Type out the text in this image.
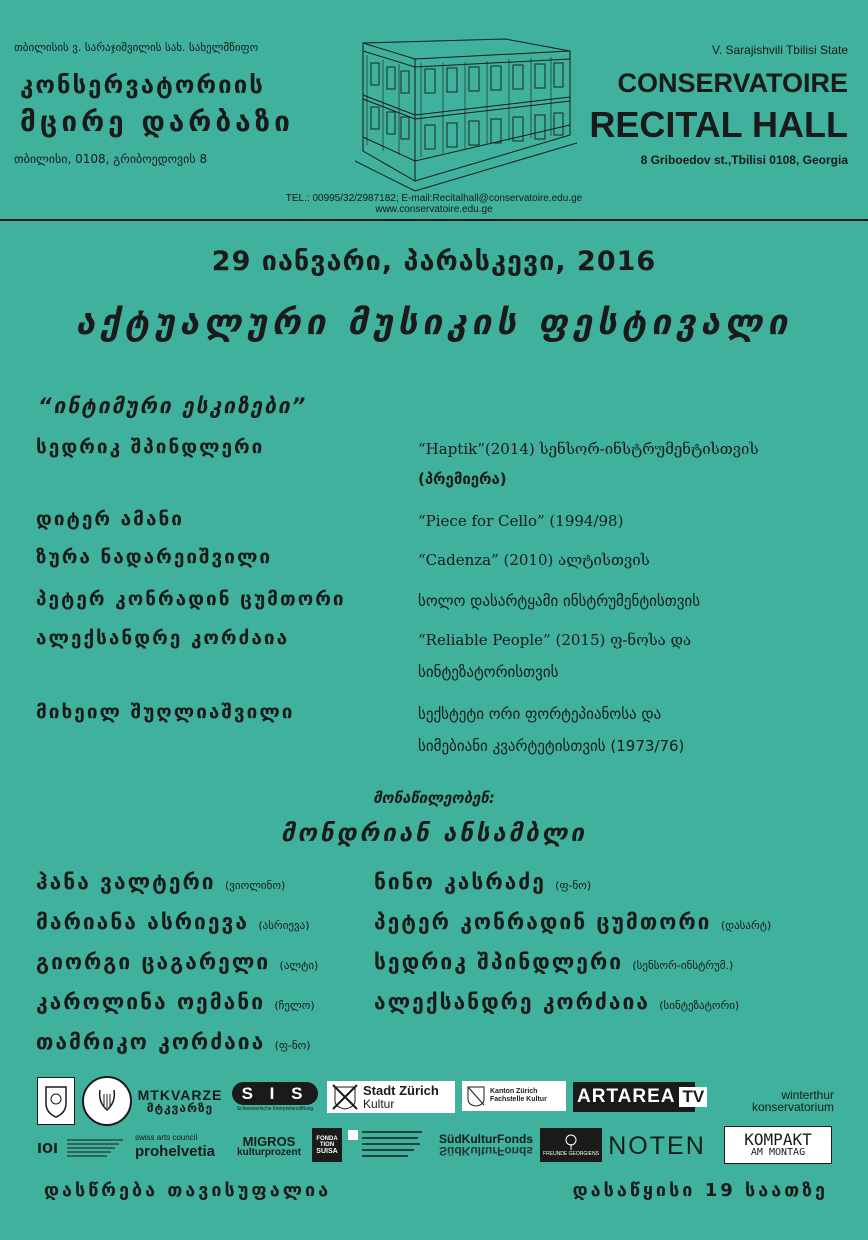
თბილისის ვ. სარაჯიშვილის სახ. სახელმწიფო
კონსერვატორიის
მცირე დარბაზი
თბილისი, 0108, გრიბოედოვის 8
V. Sarajishvili Tbilisi State
CONSERVATOIRE
RECITAL HALL
8 Griboedov st.,Tbilisi 0108, Georgia
TEL.: 00995/32/2987182; E-mail:Recitalhall@conservatoire.edu.ge
www.conservatoire.edu.ge
29 იანვარი, პარასკევი, 2016
აქტუალური მუსიკის ფესტივალი
“ინტიმური ესკიზები”
სედრიკ შპინდლერი	“Haptik”(2014) სენსორ-ინსტრუმენტისთვის
(პრემიერა)
დიტერ ამანი	“Piece for Cello” (1994/98)
ზურა ნადარეიშვილი	“Cadenza” (2010) ალტისთვის
პეტერ კონრადინ ცუმთორი	სოლო დასარტყამი ინსტრუმენტისთვის
ალექსანდრე კორძაია	“Reliable People” (2015) ფ-ნოსა და
სინტეზატორისთვის
მიხეილ შუღლიაშვილი	სექსტეტი ორი ფორტეპიანოსა და
სიმებიანი კვარტეტისთვის (1973/76)
მონაწილეობენ:
მონდრიან ანსამბლი
ჰანა ვალტერი (ვიოლინო)
მარიანა ასრიევა (ასრიევა)
გიორგი ცაგარელი (ალტი)
კაროლინა ოემანი (ჩელო)
თამრიკო კორძაია (ფ-ნო)
ნინო კასრაძე (ფ-ნო)
პეტერ კონრადინ ცუმთორი (დასარტ)
სედრიკ შპინდლერი (სენსორ-ინსტრუმ.)
ალექსანდრე კორძაია (სინტეზატორი)
MTKVARZE
მტკვარზე
S I S
Schweizerische Interpretenstiftung
Stadt Zürich
Kultur
Kanton Zürich
Fachstelle Kultur ARTAREA TV	winterthur
konservatorium
ıoı	swiss arts council
prohelvetia
MIGROS
kulturprozent
FONDA
TION
SUISA
SüdKulturFonds
SüdKulturFonds FREUNDE GEORGIENS NOTEN KOMPAKT
AM MONTAG
დასწრება თავისუფალია	დასაწყისი 19 საათზე
